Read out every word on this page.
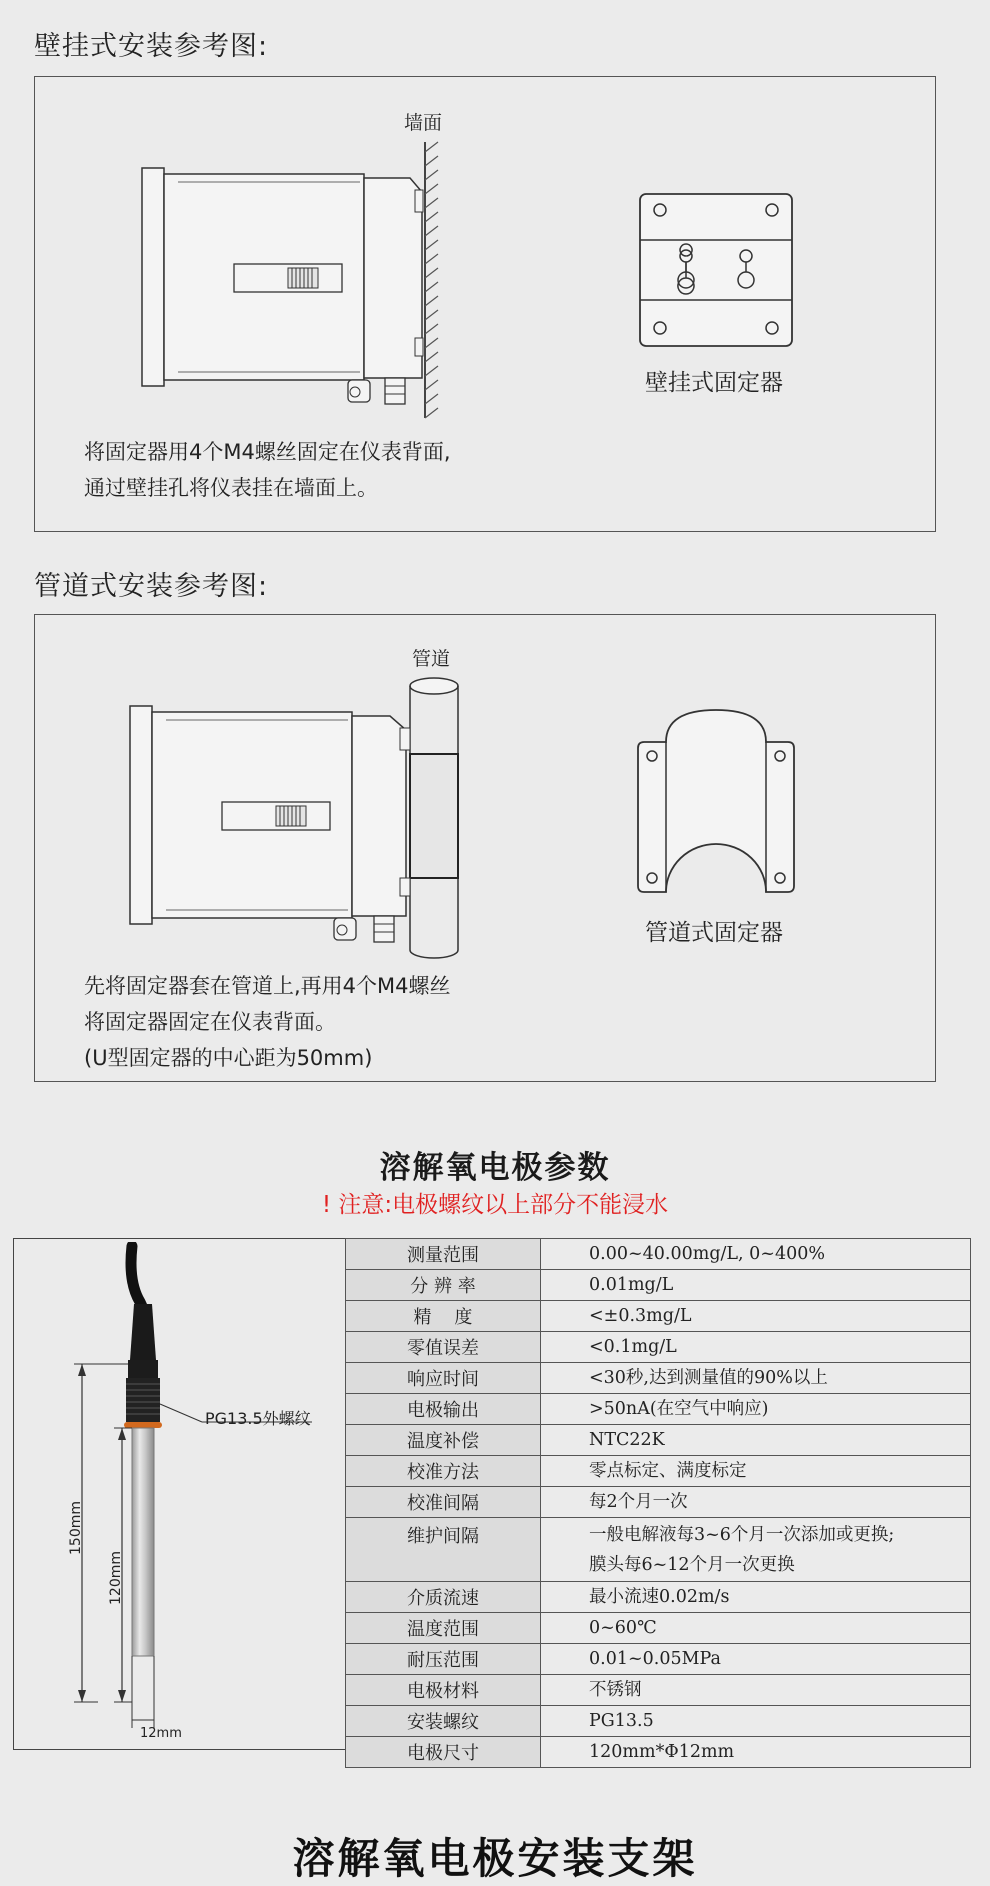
壁挂式安装参考图:
墙面
壁挂式固定器
将固定器用4个M4螺丝固定在仪表背面,
通过壁挂孔将仪表挂在墙面上。
管道式安装参考图:
管道
管道式固定器
先将固定器套在管道上,再用4个M4螺丝
将固定器固定在仪表背面。
(U型固定器的中心距为50mm)
溶解氧电极参数
! 注意:电极螺纹以上部分不能浸水
PG13.5外螺纹
150mm
120mm
12mm
测量范围	0.00~40.00mg/L, 0~400%

分 辨 率	0.01mg/L

精    度	<±0.3mg/L

零值误差	<0.1mg/L

响应时间	<30秒,达到测量值的90%以上

电极输出	>50nA(在空气中响应)

温度补偿	NTC22K

校准方法	零点标定、满度标定

校准间隔	每2个月一次

维护间隔	一般电解液每3~6个月一次添加或更换;
膜头每6~12个月一次更换

介质流速	最小流速0.02m/s

温度范围	0~60℃

耐压范围	0.01~0.05MPa

电极材料	不锈钢

安装螺纹	PG13.5

电极尺寸	120mm*Φ12mm
溶解氧电极安装支架
